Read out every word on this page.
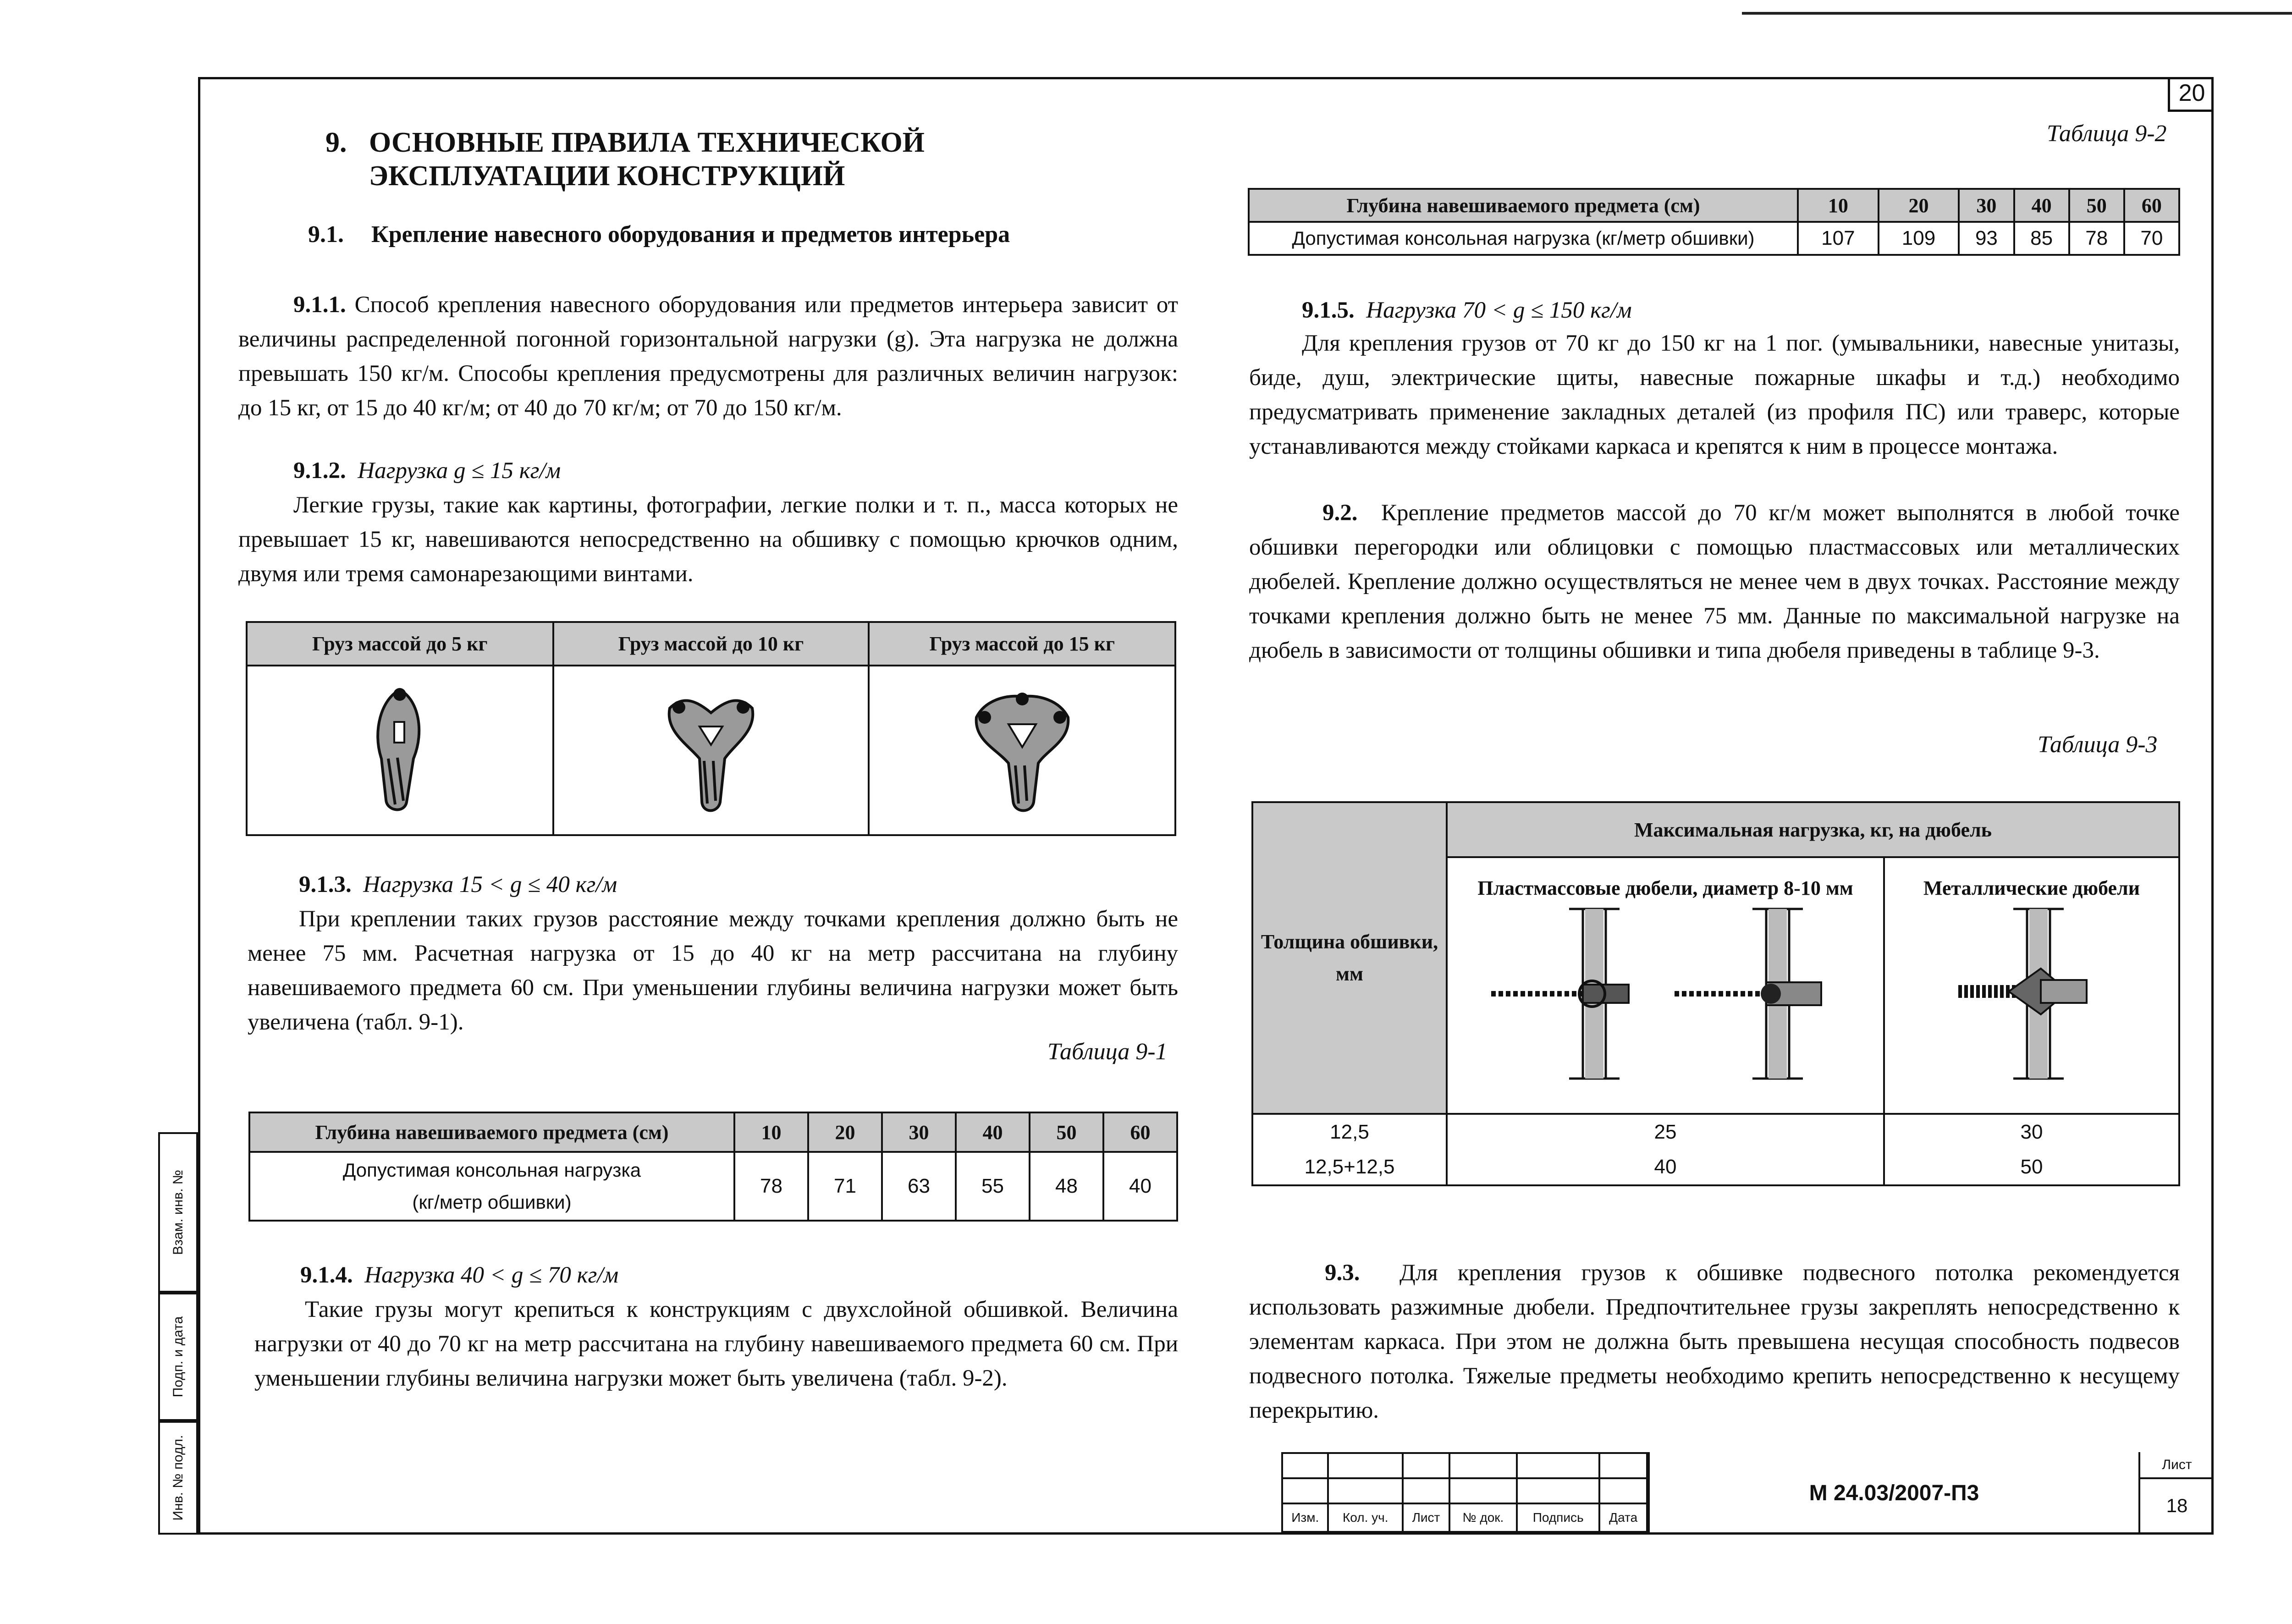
20
Взам. инв. №
Подп. и дата
Инв. № подл.
9. ОСНОВНЫЕ ПРАВИЛА ТЕХНИЧЕСКОЙ
ЭКСПЛУАТАЦИИ КОНСТРУКЦИЙ
9.1. Крепление навесного оборудования и предметов интерьера
9.1.1. Способ крепления навесного оборудования или предметов интерьера зависит от величины распределенной погонной горизонтальной нагрузки (g). Эта нагрузка не должна превышать 150 кг/м. Способы крепления предусмотрены для различных величин нагрузок: до 15 кг, от 15 до 40 кг/м; от 40 до 70 кг/м; от 70 до 150 кг/м.
9.1.2. Нагрузка g ≤ 15 кг/м
Легкие грузы, такие как картины, фотографии, легкие полки и т. п., масса которых не превышает 15 кг, навешиваются непосредственно на обшивку с помощью крючков одним, двумя или тремя самонарезающими винтами.
Груз массой до 5 кг	Груз массой до 10 кг	Груз массой до 15 кг

9.1.3. Нагрузка 15 < g ≤ 40 кг/м
При креплении таких грузов расстояние между точками крепления должно быть не менее 75 мм. Расчетная нагрузка от 15 до 40 кг на метр рассчитана на глубину навешиваемого предмета 60 см. При уменьшении глубины величина нагрузки может быть увеличена (табл. 9-1).
Таблица 9-1
Глубина навешиваемого предмета (см)	10	20	30	40	50	60

Допустимая консольная нагрузка
(кг/метр обшивки)	78	71	63	55	48	40
9.1.4. Нагрузка 40 < g ≤ 70 кг/м
Такие грузы могут крепиться к конструкциям с двухслойной обшивкой. Величина нагрузки от 40 до 70 кг на метр рассчитана на глубину навешиваемого предмета 60 см. При уменьшении глубины величина нагрузки может быть увеличена (табл. 9-2).
Таблица 9-2
Глубина навешиваемого предмета (см)	10	20	30	40	50	60
Допустимая консольная нагрузка (кг/метр обшивки)	107	109	93	85	78	70
9.1.5. Нагрузка 70 < g ≤ 150 кг/м
Для крепления грузов от 70 кг до 150 кг на 1 пог. (умывальники, навесные унитазы, биде, душ, электрические щиты, навесные пожарные шкафы и т.д.) необходимо предусматривать применение закладных деталей (из профиля ПС) или траверс, которые устанавливаются между стойками каркаса и крепятся к ним в процессе монтажа.
9.2. Крепление предметов массой до 70 кг/м может выполнятся в любой точке обшивки перегородки или облицовки с помощью пластмассовых или металлических дюбелей. Крепление должно осуществляться не менее чем в двух точках. Расстояние между точками крепления должно быть не менее 75 мм. Данные по максимальной нагрузке на дюбель в зависимости от толщины обшивки и типа дюбеля приведены в таблице 9-3.
Таблица 9-3
Толщина обшивки, мм	Максимальная нагрузка, кг, на дюбель	

	Пластмассовые дюбели, диаметр 8-10 мм	Металлические дюбели

12,5	25	30
12,5+12,5	40	50
9.3. Для крепления грузов к обшивке подвесного потолка рекомендуется использовать разжимные дюбели. Предпочтительнее грузы закреплять непосредственно к элементам каркаса. При этом не должна быть превышена несущая способность подвесов подвесного потолка. Тяжелые предметы необходимо крепить непосредственно к несущему перекрытию.

Изм.	Кол. уч.	Лист	№ док.	Подпись	Дата
М 24.03/2007-П3
Лист
18
